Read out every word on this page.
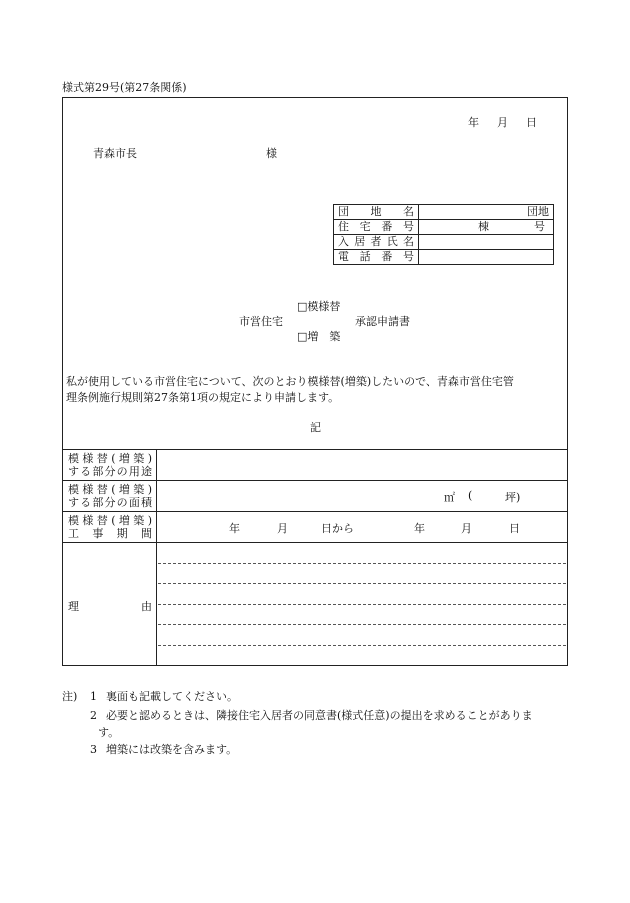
様式第29号(第27条関係)
年 月 日
青森市長	様
団　地　名	団地
住 宅 番 号	棟 号
入居者氏名	
電 話 番 号	
□模様替
市営住宅	承認申請書
□増　築

私が使用している市営住宅について、次のとおり模様替(増築)したいので、青森市営住宅管

理条例施行規則第27条第1項の規定により申請します。

記
模様替(増築)
する部分の用途
模様替(増築)
する部分の面積	㎡ (	坪)
模様替(増築)
工　事　期　間	年	月	日から	年	月	日
理	由
注) 1 裏面も記載してください。
2 必要と認めるときは、隣接住宅入居者の同意書(様式任意)の提出を求めることがありま
す。
3 増築には改築を含みます。
